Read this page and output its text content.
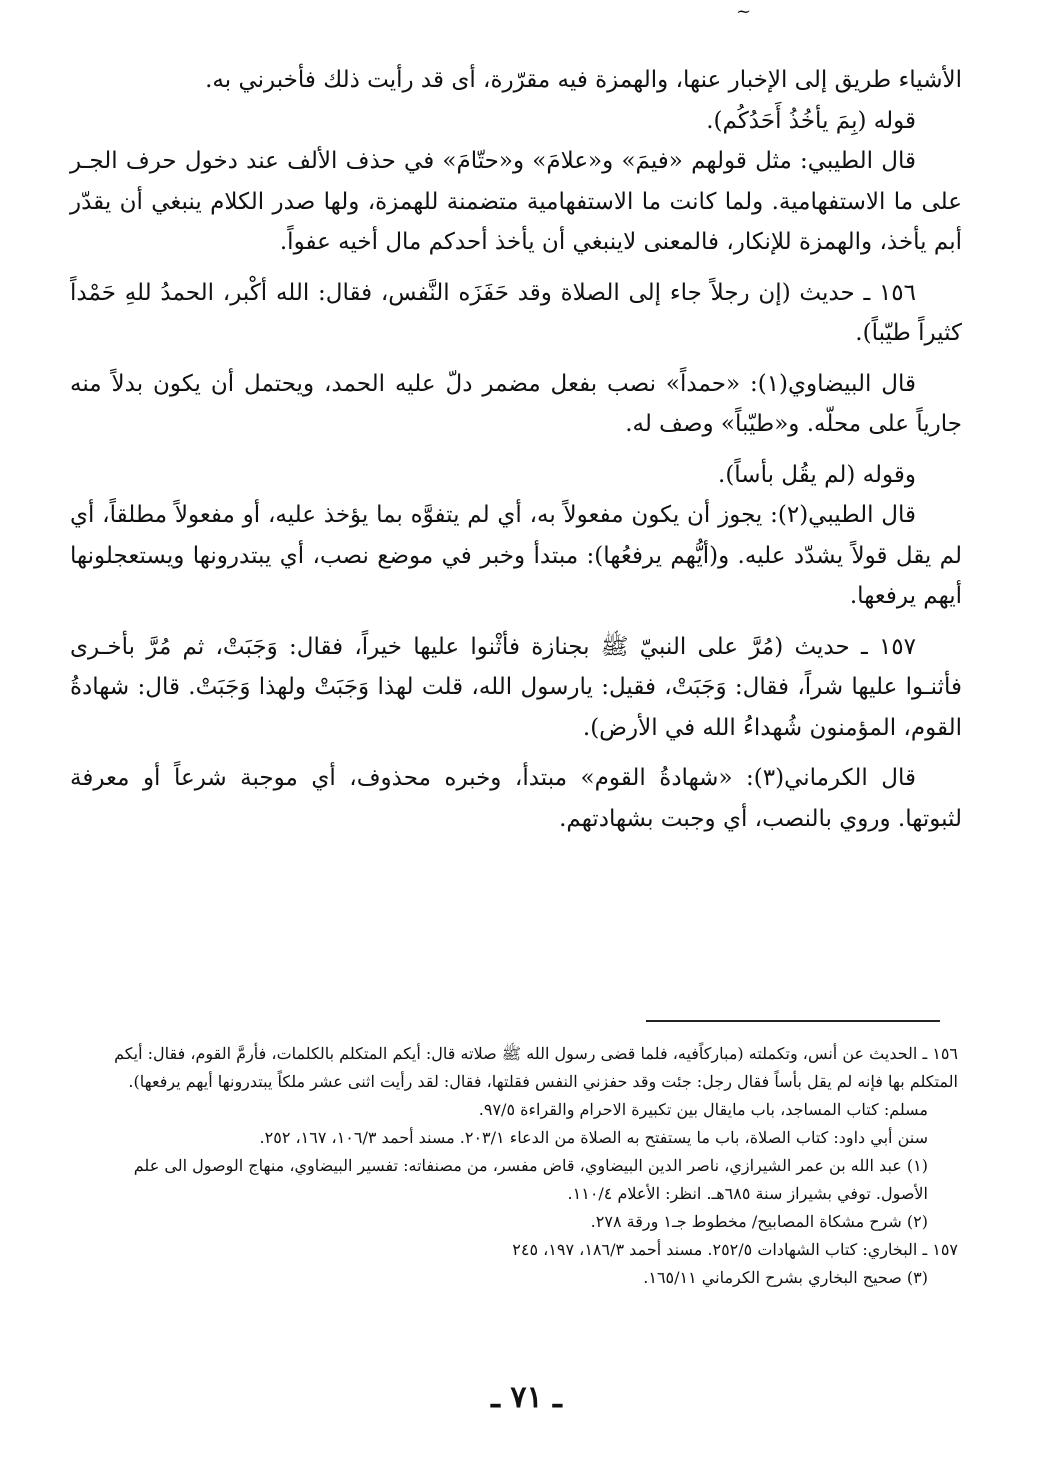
~

الأشياء طريق إلى الإخبار عنها، والهمزة فيه مقرّرة، أى قد رأيت ذلك فأخبرني به.

قوله (بِمَ يأخُذُ أَحَدُكُم).

قال الطيبي: مثل قولهم «فيمَ» و«علامَ» و«حتّامَ» في حذف الألف عند دخول حرف الجـر على ما الاستفهامية. ولما كانت ما الاستفهامية متضمنة للهمزة، ولها صدر الكلام ينبغي أن يقدّر أبم يأخذ، والهمزة للإنكار، فالمعنى لاينبغي أن يأخذ أحدكم مال أخيه عفواً.

١٥٦ ـ حديث (إن رجلاً جاء إلى الصلاة وقد حَفَزَه النَّفس، فقال: الله أكْبر، الحمدُ للهِ حَمْداً كثيراً طيّباً).

قال البيضاوي(١): «حمداً» نصب بفعل مضمر دلّ عليه الحمد، ويحتمل أن يكون بدلاً منه جارياً على محلّه. و«طيّباً» وصف له.

وقوله (لم يقُل بأساً).

قال الطيبي(٢): يجوز أن يكون مفعولاً به، أي لم يتفوَّه بما يؤخذ عليه، أو مفعولاً مطلقاً، أي لم يقل قولاً يشدّد عليه. و(أيُّهم يرفعُها): مبتدأ وخبر في موضع نصب، أي يبتدرونها ويستعجلونها أيهم يرفعها.

١٥٧ ـ حديث (مُرَّ على النبيّ ﷺ بجنازة فأثْنوا عليها خيراً، فقال: وَجَبَتْ، ثم مُرَّ بأخـرى فأثنـوا عليها شراً، فقال: وَجَبَتْ، فقيل: يارسول الله، قلت لهذا وَجَبَتْ ولهذا وَجَبَتْ. قال: شهادةُ القوم، المؤمنون شُهداءُ الله في الأرض).

قال الكرماني(٣): «شهادةُ القوم» مبتدأ، وخبره محذوف، أي موجبة شرعاً أو معرفة لثبوتها. وروي بالنصب، أي وجبت بشهادتهم.

١٥٦ ـ الحديث عن أنس، وتكملته (مباركاًفيه، فلما قضى رسول الله ﷺ صلاته قال: أيكم المتكلم بالكلمات، فأرمَّ القوم، فقال: أيكم المتكلم بها فإنه لم يقل بأساً فقال رجل: جئت وقد حفزني النفس فقلتها، فقال: لقد رأيت اثنى عشر ملكاً يبتدرونها أيهم يرفعها).

مسلم: كتاب المساجد، باب مايقال بين تكبيرة الاحرام والقراءة ٩٧/٥.

سنن أبي داود: كتاب الصلاة، باب ما يستفتح به الصلاة من الدعاء ٢٠٣/١. مسند أحمد ١٠٦/٣، ١٦٧، ٢٥٢.

(١) عبد الله بن عمر الشيرازي، ناصر الدين البيضاوي، قاض مفسر، من مصنفاته: تفسير البيضاوي، منهاج الوصول الى علم الأصول. توفي بشيراز سنة ٦٨٥هـ. انظر: الأعلام ١١٠/٤.

(٢) شرح مشكاة المصابيح/ مخطوط جـ١ ورقة ٢٧٨.

١٥٧ ـ البخاري: كتاب الشهادات ٢٥٢/٥. مسند أحمد ١٨٦/٣، ١٩٧، ٢٤٥

(٣) صحيح البخاري بشرح الكرماني ١٦٥/١١.

ـ ٧١ ـ
